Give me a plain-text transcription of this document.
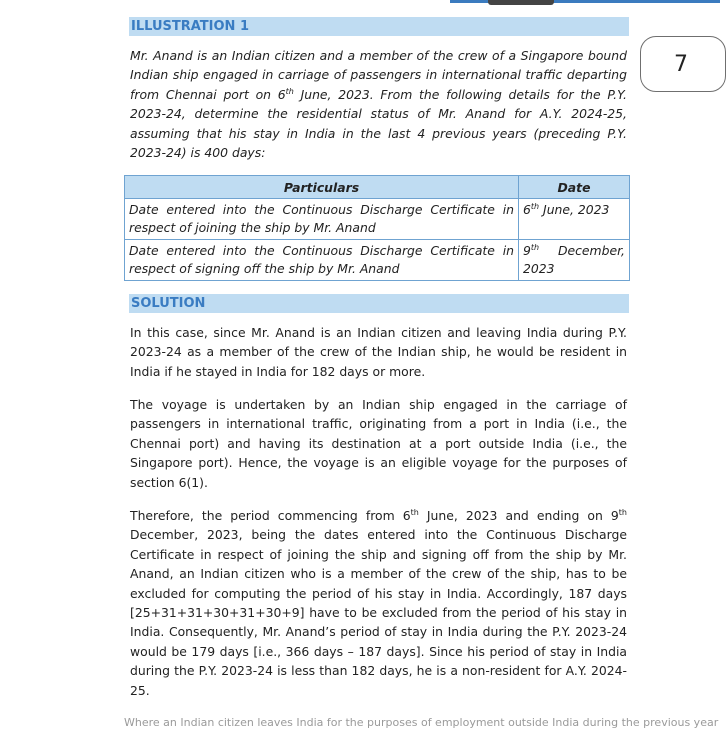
7
ILLUSTRATION 1

Mr. Anand is an Indian citizen and a member of the crew of a Singapore bound Indian ship engaged in carriage of passengers in international traffic departing from Chennai port on 6th June, 2023. From the following details for the P.Y. 2023-24, determine the residential status of Mr. Anand for A.Y. 2024-25, assuming that his stay in India in the last 4 previous years (preceding P.Y. 2023-24) is 400 days:

Particulars	Date
Date entered into the Continuous Discharge Certificate in respect of joining the ship by Mr. Anand	6th June, 2023
Date entered into the Continuous Discharge Certificate in respect of signing off the ship by Mr. Anand	9th December, 2023
SOLUTION

In this case, since Mr. Anand is an Indian citizen and leaving India during P.Y. 2023-24 as a member of the crew of the Indian ship, he would be resident in India if he stayed in India for 182 days or more.

The voyage is undertaken by an Indian ship engaged in the carriage of passengers in international traffic, originating from a port in India (i.e., the Chennai port) and having its destination at a port outside India (i.e., the Singapore port). Hence, the voyage is an eligible voyage for the purposes of section 6(1).

Therefore, the period commencing from 6th June, 2023 and ending on 9th December, 2023, being the dates entered into the Continuous Discharge Certificate in respect of joining the ship and signing off from the ship by Mr. Anand, an Indian citizen who is a member of the crew of the ship, has to be excluded for computing the period of his stay in India. Accordingly, 187 days [25+31+31+30+31+30+9] have to be excluded from the period of his stay in India. Consequently, Mr. Anand’s period of stay in India during the P.Y. 2023-24 would be 179 days [i.e., 366 days – 187 days]. Since his period of stay in India during the P.Y. 2023-24 is less than 182 days, he is a non-resident for A.Y. 2024-25.

Where an Indian citizen leaves India for the purposes of employment outside India during the previous year
